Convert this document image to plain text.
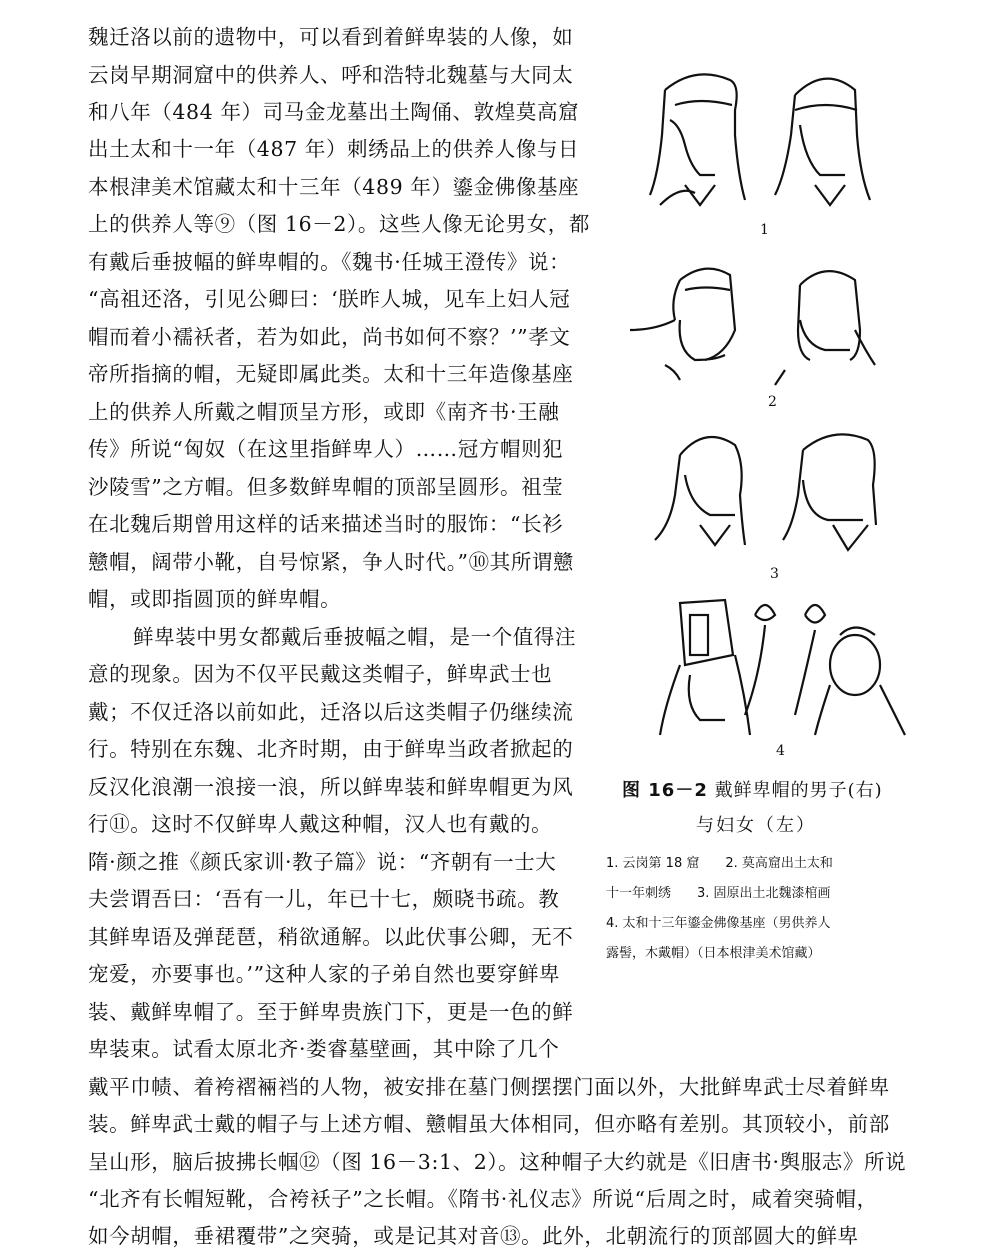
魏迁洛以前的遗物中，可以看到着鲜卑装的人像，如
云岗早期洞窟中的供养人、呼和浩特北魏墓与大同太
和八年（484 年）司马金龙墓出土陶俑、敦煌莫高窟
出土太和十一年（487 年）刺绣品上的供养人像与日
本根津美术馆藏太和十三年（489 年）鎏金佛像基座
上的供养人等⑨（图 16－2）。这些人像无论男女，都
有戴后垂披幅的鲜卑帽的。《魏书·任城王澄传》说：
“高祖还洛，引见公卿曰：‘朕昨人城，见车上妇人冠
帽而着小襦袄者，若为如此，尚书如何不察？’”孝文
帝所指摘的帽，无疑即属此类。太和十三年造像基座
上的供养人所戴之帽顶呈方形，或即《南齐书·王融
传》所说“匈奴（在这里指鲜卑人）……冠方帽则犯
沙陵雪”之方帽。但多数鲜卑帽的顶部呈圆形。祖莹
在北魏后期曾用这样的话来描述当时的服饰：“长衫
戆帽，阔带小靴，自号惊紧，争人时代。”⑩其所谓戆
帽，或即指圆顶的鲜卑帽。
鲜卑装中男女都戴后垂披幅之帽，是一个值得注
意的现象。因为不仅平民戴这类帽子，鲜卑武士也
戴；不仅迁洛以前如此，迁洛以后这类帽子仍继续流
行。特别在东魏、北齐时期，由于鲜卑当政者掀起的
反汉化浪潮一浪接一浪，所以鲜卑装和鲜卑帽更为风
行⑪。这时不仅鲜卑人戴这种帽，汉人也有戴的。
隋·颜之推《颜氏家训·教子篇》说：“齐朝有一士大
夫尝谓吾曰：‘吾有一儿，年已十七，颇晓书疏。教
其鲜卑语及弹琵琶，稍欲通解。以此伏事公卿，无不
宠爱，亦要事也。’”这种人家的子弟自然也要穿鲜卑
装、戴鲜卑帽了。至于鲜卑贵族门下，更是一色的鲜
卑装束。试看太原北齐·娄睿墓壁画，其中除了几个
戴平巾帻、着袴褶裲裆的人物，被安排在墓门侧摆摆门面以外，大批鲜卑武士尽着鲜卑
装。鲜卑武士戴的帽子与上述方帽、戆帽虽大体相同，但亦略有差别。其顶较小，前部
呈山形，脑后披拂长帼⑫（图 16－3:1、2）。这种帽子大约就是《旧唐书·舆服志》所说
“北齐有长帽短靴，合袴袄子”之长帽。《隋书·礼仪志》所说“后周之时，咸着突骑帽，
如今胡帽，垂裙覆带”之突骑，或是记其对音⑬。此外，北朝流行的顶部圆大的鲜卑
1
2
3
4
图 16－2 戴鲜卑帽的男子(右)
与妇女（左）
1. 云岗第 18 窟　　2. 莫高窟出土太和
十一年刺绣　　3. 固原出土北魏漆棺画
4. 太和十三年鎏金佛像基座（男供养人
露髻，木戴帽）（日本根津美术馆藏）
